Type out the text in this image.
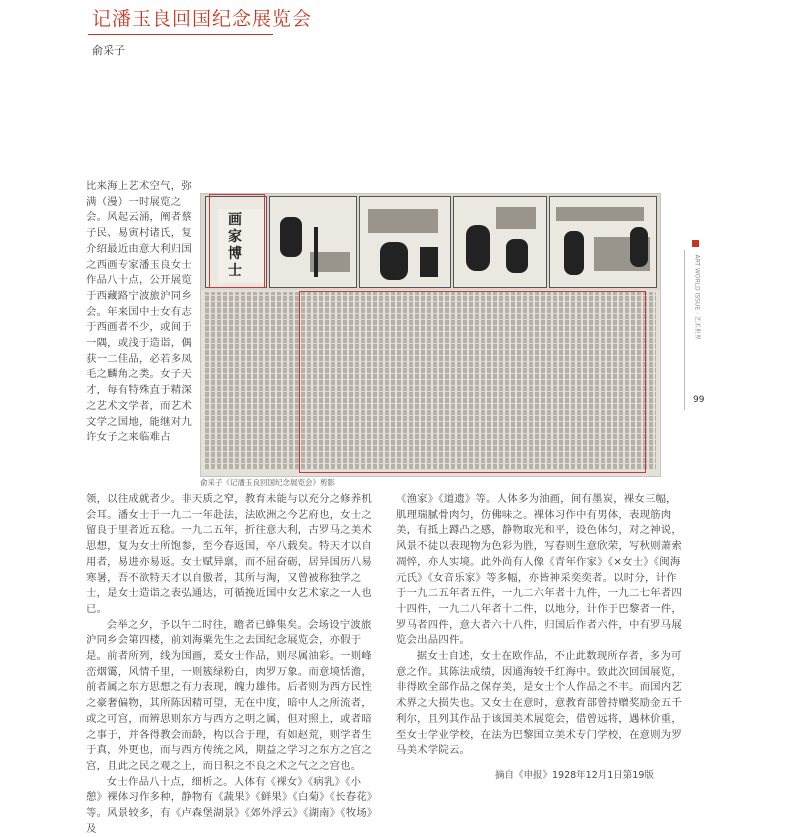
记潘玉良回国纪念展览会
俞采子
画
家
博
士
俞采子《记潘玉良回国纪念展览会》剪影
ART WORLD ISSUE · 艺术世界
99

比来海上艺术空气，弥满（漫）一时展览之会。风起云涌，阐者蔡子民、易寅村诸氏，复介绍最近由意大利归国之西画专家潘玉良女士作品八十点，公开展览于西藏路宁波旅沪同乡会。年来国中士女有志于西画者不少，或间于一隅，或浅于造诣，偶获一二佳品，必若多凤毛之麟角之类。女子天才，每有特殊直于精深之艺术文学者，而艺术文学之国地，能继对九许女子之来临难占

领，以往成就者少。非天质之窄，教育未能与以充分之修养机会耳。潘女士于一九二一年赴法，法欧洲之今艺府也，女士之留良于里者近五稔。一九二五年，折往意大利，古罗马之美术思想，复为女士所饱参，至今春返国，卒八载矣。特天才以自用者，易进亦易返。女士赋异禀，而不屈奋砺，居异国历八易寒暑，吾不欲特天才以自傲者，其所与淘，又曾被称独学之士，是女士造诣之表弘通达，可循挽近国中女艺术家之一人也已。

会举之夕，予以午二时往，瞻者已蜂集矣。会场设宁波旅沪同乡会第四楼，前刘海粟先生之去国纪念展览会，亦假于是。前者所列，线为国画，爰女士作品，则尽属油彩。一则峰峦烟霭，风情千里，一则簇绿粉白，肉罗万象。而意境恬澹，前者属之东方思想之有力表现，魄力雄伟。后者则为西方民性之豪奢偏物，其所陈因精可望，无在中度，暗中人之所流者，或之可宫，而辨思则东方与西方之明之属，但对照上，或者暗之事于，并各得教会而龄，构以合于理，有如赵荒，则学者生于真，外更也，而与西方传统之风，期益之学习之东方之宫之宫，且此之民之观之上，而日积之不良之术之气之之宫也。

女士作品八十点，细析之。人体有《裸女》《病乳》《小憩》裸体习作多种，静物有《蔬果》《鲜果》《白菊》《长春花》等。风景较多，有《卢森堡湖景》《郊外浮云》《湖南》《牧场》及

《渔家》《道遗》等。人体多为油画，间有墨炭，裸女三幅，肌理瑞腻骨肉匀，仿佛味之。裸体习作中有男体，表现筋肉美，有抵上蹲凸之感，静物取光和平，设色体匀，对之神说，风景不徒以表现物为色彩为胜，写春则生意欣荣，写秋则萧索凋悴，亦人实境。此外尚有人像《青年作家》《×女士》《闽海元氏》《女音乐家》等多幅，亦皆神采奕奕者。以时分，计作于一九二五年者五件，一九二六年者十九件，一九二七年者四十四件，一九二八年者十二件，以地分，计作于巴黎者一件，罗马者四件，意大者六十八件，归国后作者六件，中有罗马展览会出品四件。

据女士自述，女士在欧作品，不止此数现所存者，多为可意之作。其陈法成绩，因通海较千红海中。致此次回国展览，非得欧全部作品之保存美，是女士个人作品之不丰。而国内艺术界之大损失也。又女士在意时，意教育部曾持赠奖励金五千利尔，且列其作品于该国美术展览会，借曾远将，遇林价重，至女士学业学校，在法为巴黎国立美术专门学校，在意则为罗马美术学院云。

摘自《申报》1928年12月1日第19版
